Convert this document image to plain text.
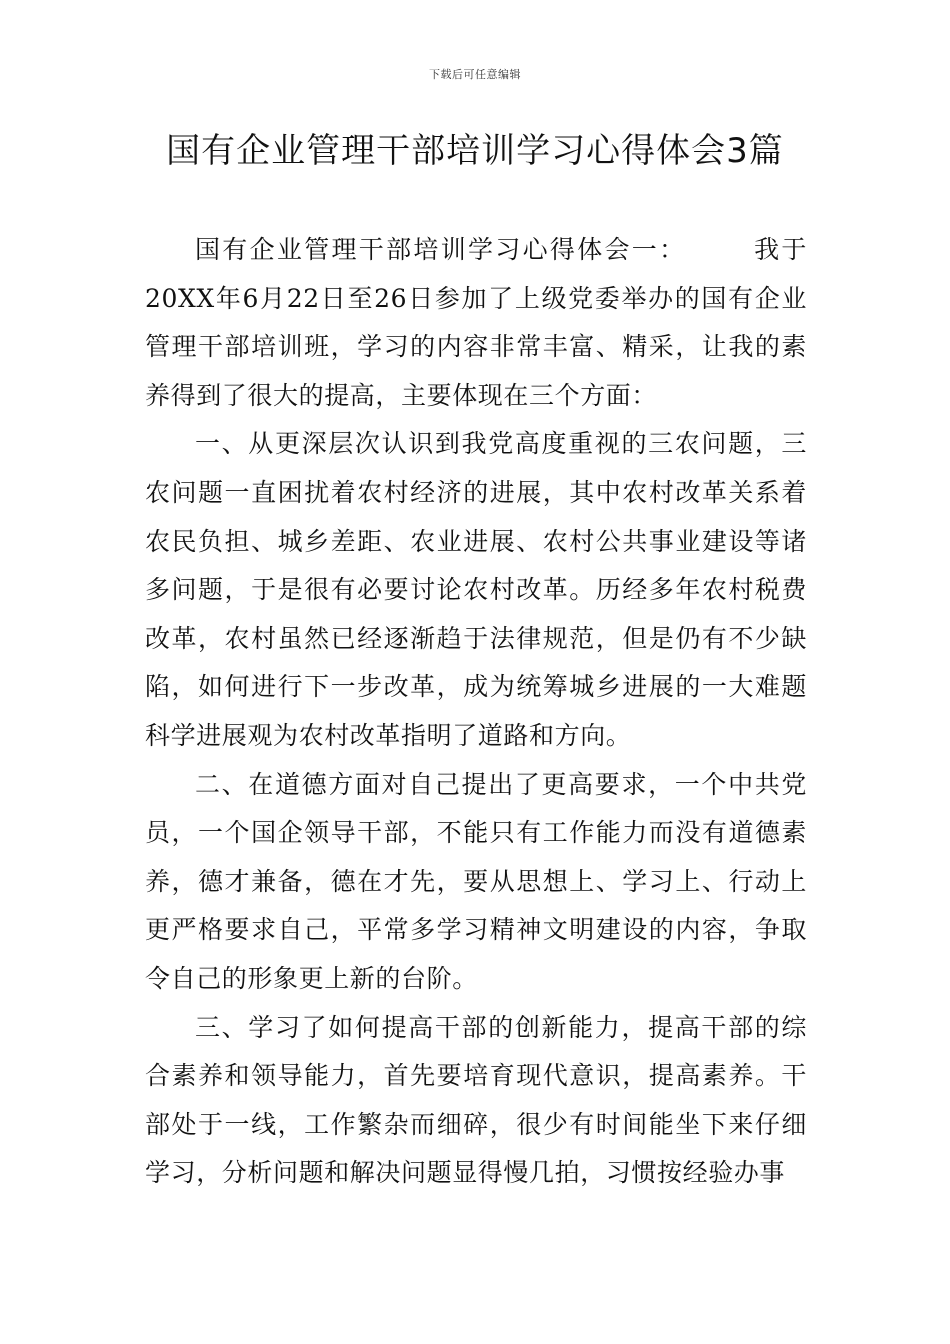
下载后可任意编辑
国有企业管理干部培训学习心得体会3篇

国有企业管理干部培训学习心得体会一：	我于20XX年6月22日至26日参加了上级党委举办的国有企业管理干部培训班，学习的内容非常丰富、精采，让我的素养得到了很大的提高，主要体现在三个方面：

一、从更深层次认识到我党高度重视的三农问题，三农问题一直困扰着农村经济的进展，其中农村改革关系着农民负担、城乡差距、农业进展、农村公共事业建设等诸多问题，于是很有必要讨论农村改革。历经多年农村税费改革，农村虽然已经逐渐趋于法律规范，但是仍有不少缺陷，如何进行下一步改革，成为统筹城乡进展的一大难题科学进展观为农村改革指明了道路和方向。

二、在道德方面对自己提出了更高要求，一个中共党员，一个国企领导干部，不能只有工作能力而没有道德素养，德才兼备，德在才先，要从思想上、学习上、行动上更严格要求自己，平常多学习精神文明建设的内容，争取令自己的形象更上新的台阶。

三、学习了如何提高干部的创新能力，提高干部的综合素养和领导能力，首先要培育现代意识，提高素养。干部处于一线，工作繁杂而细碎，很少有时间能坐下来仔细学习，分析问题和解决问题显得慢几拍，习惯按经验办事
